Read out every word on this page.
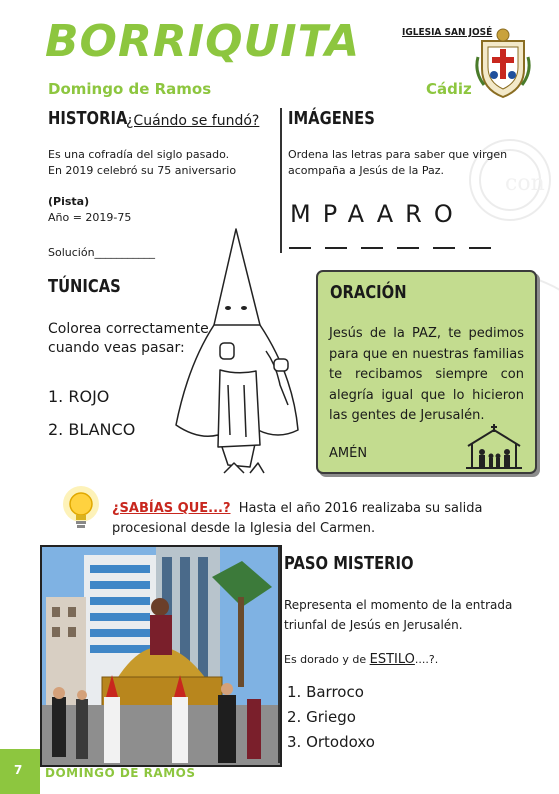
con
BORRIQUITA
Domingo de Ramos	Cádiz
IGLESIA SAN JOSÉ
HISTORIA
¿Cuándo se fundó?
Es una cofradía del siglo pasado.
En 2019 celebró su 75 aniversario
(Pista)
Año = 2019-75
Solución___________
IMÁGENES
Ordena las letras para saber que virgen
acompaña a Jesús de la Paz.
MPAARO
TÚNICAS
Colorea correctamente
cuando veas pasar:
1. ROJO
2. BLANCO
ORACIÓN
Jesús de la PAZ, te pedimos para que en nuestras familias te recibamos siempre con alegría igual que lo hicieron las gentes de Jerusalén.
AMÉN
¿SABÍAS QUE...? Hasta el año 2016 realizaba su salida procesional desde la Iglesia del Carmen.
PASO MISTERIO
Representa el momento de la entrada triunfal de Jesús en Jerusalén.
Es dorado y de ESTILO....?.
1. Barroco
2. Griego
3. Ortodoxo
7 DOMINGO DE RAMOS
